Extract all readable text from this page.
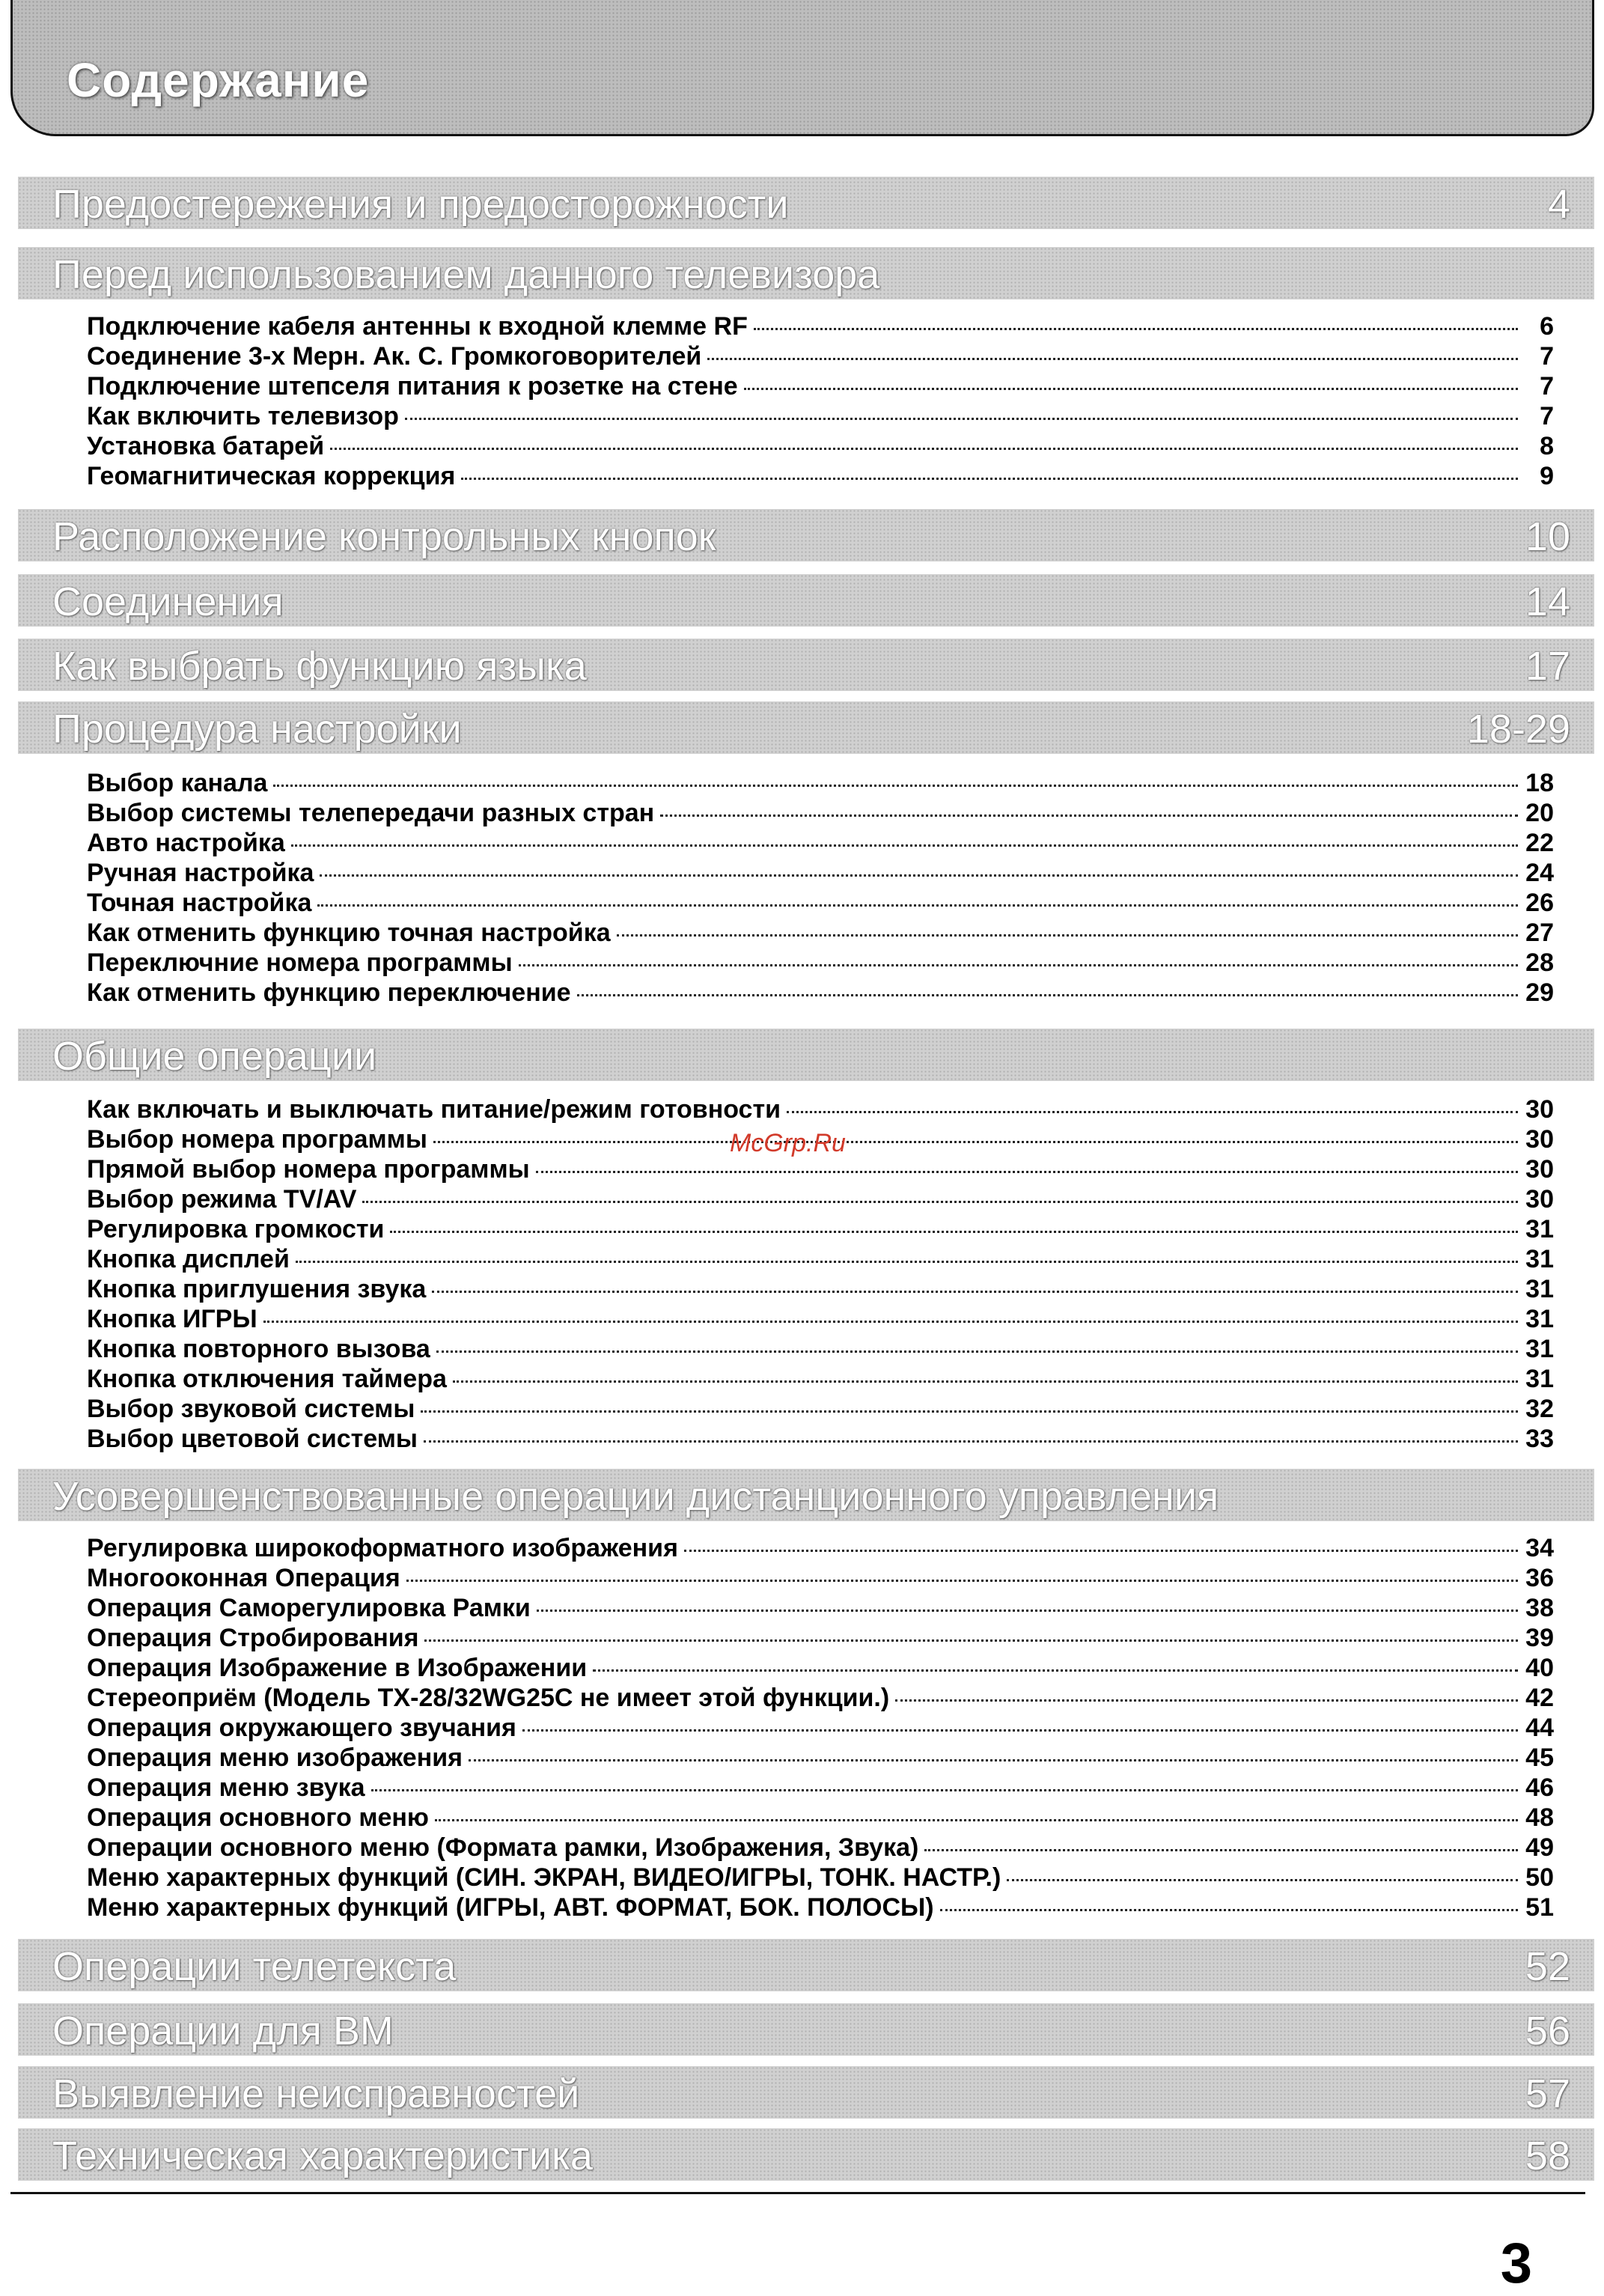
Содержание
Предостережения и предосторожности	4
Перед использованием данного телевизора
Подключение кабеля антенны к входной клемме RF	6
Соединение 3-х Мерн. Ак. С. Громкоговорителей	7
Подключение штепселя питания к розетке на стене	7
Как включить телевизор	7
Установка батарей	8
Геомагнитическая коррекция	9
Расположение контрольных кнопок	10
Соединения	14
Как выбрать функцию языка	17
Процедура настройки	18-29
Выбор канала	18
Выбор системы телепередачи разных стран	20
Авто настройка	22
Ручная настройка	24
Точная настройка	26
Как отменить функцию точная настройка	27
Переключние номера программы	28
Как отменить функцию переключение	29
Общие операции
Как включать и выключать питание/режим готовности	30
Выбор номера программы	30
Прямой выбор номера программы	30
Выбор режима TV/AV	30
Регулировка громкости	31
Кнопка дисплей	31
Кнопка приглушения звука	31
Кнопка ИГРЫ	31
Кнопка повторного вызова	31
Кнопка отключения таймера	31
Выбор звуковой системы	32
Выбор цветовой системы	33
McGrp.Ru
Усовершенствованные операции дистанционного управления
Регулировка широкоформатного изображения	34
Многооконная Операция	36
Операция Саморегулировка Рамки	38
Операция Стробирования	39
Операция Изображение в Изображении	40
Стереоприём (Модель TX-28/32WG25C не имеет этой функции.)	42
Операция окружающего звучания	44
Операция меню изображения	45
Операция меню звука	46
Операция основного меню	48
Операции основного меню (Формата рамки, Изображения, Звука)	49
Меню характерных функций (СИН. ЭКРАН, ВИДЕО/ИГРЫ, ТОНК. НАСТР.)	50
Меню характерных функций (ИГРЫ, АВТ. ФОРМАТ, БОК. ПОЛОСЫ)	51
Операции телетекста	52
Операции для ВМ	56
Выявление неисправностей	57
Техническая характеристика	58
3
